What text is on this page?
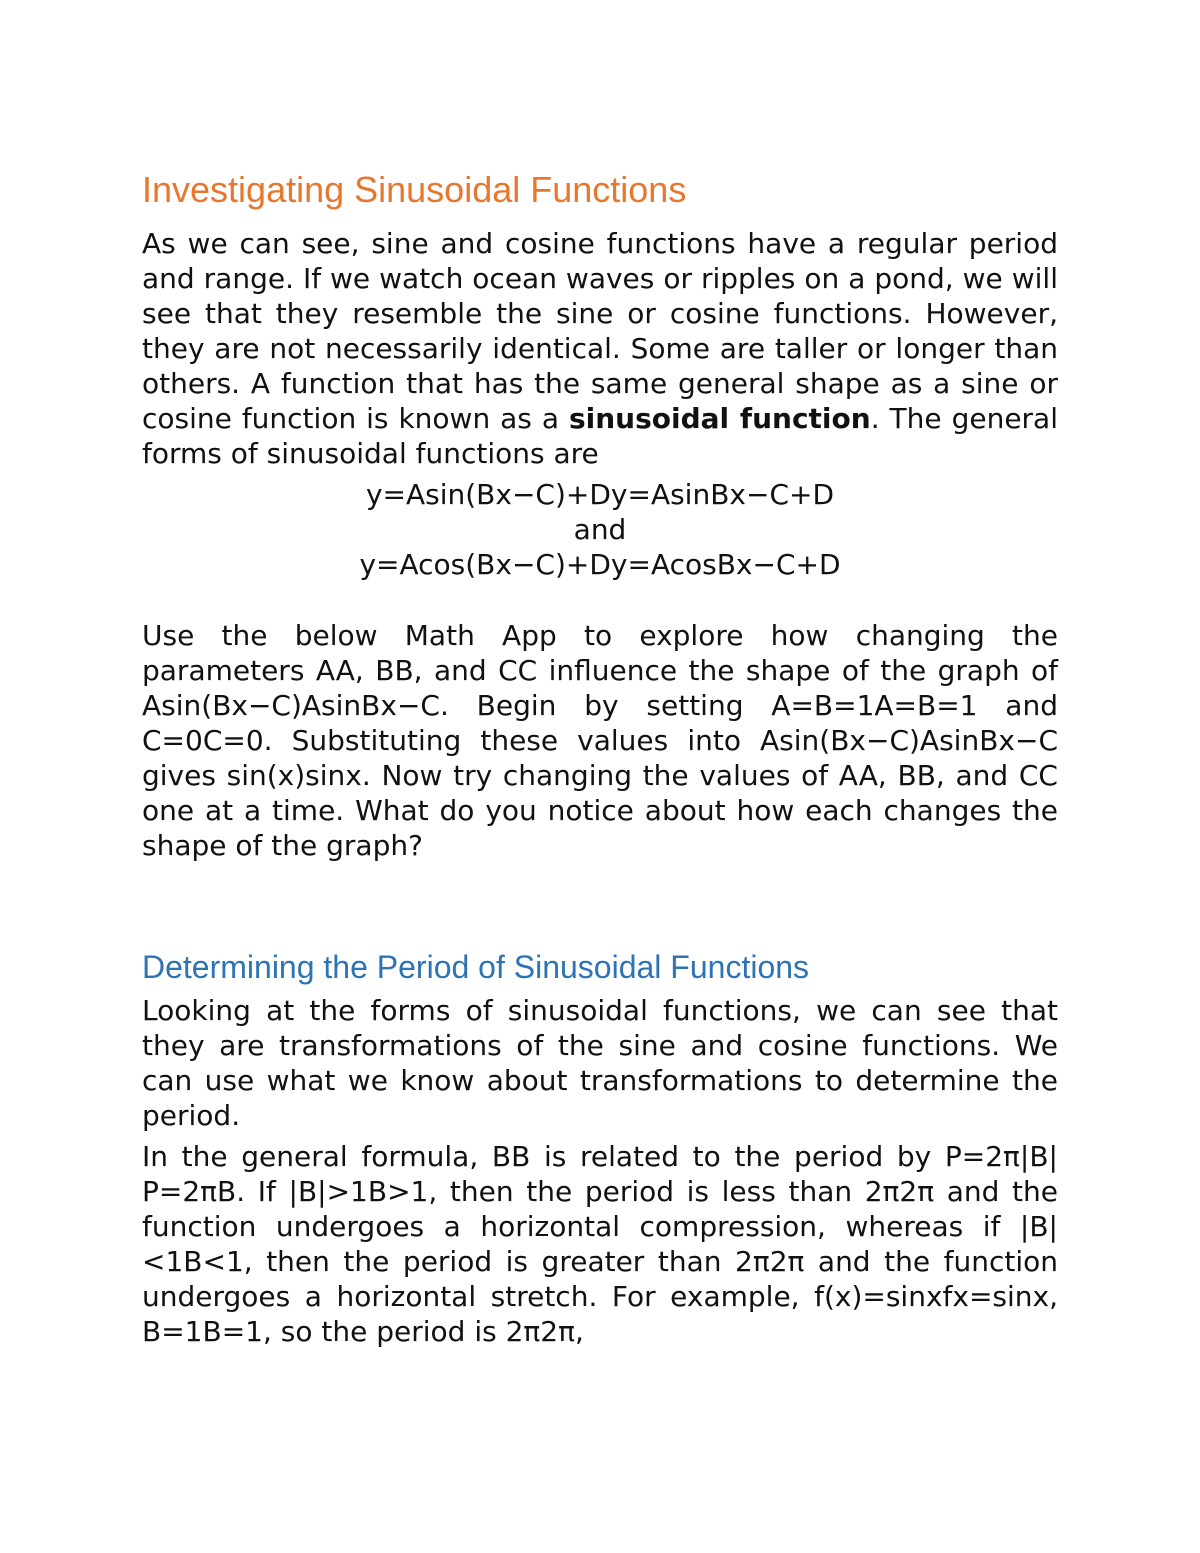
Investigating Sinusoidal Functions

As we can see, sine and cosine functions have a regular period and range. If we watch ocean waves or ripples on a pond, we will see that they resemble the sine or cosine functions. However, they are not necessarily identical. Some are taller or longer than others. A function that has the same general shape as a sine or cosine function is known as a sinusoidal function. The general forms of sinusoidal functions are

y=Asin(Bx−C)+Dy=AsinBx−C+D

and

y=Acos(Bx−C)+Dy=AcosBx−C+D

Use the below Math App to explore how changing the parameters AA, BB, and CC influence the shape of the graph of Asin(Bx−C)AsinBx−C. Begin by setting A=B=1A=B=1 and C=0C=0. Substituting these values into Asin(Bx−C)AsinBx−C gives sin(x)sinx. Now try changing the values of AA, BB, and CC one at a time. What do you notice about how each changes the shape of the graph?

Determining the Period of Sinusoidal Functions

Looking at the forms of sinusoidal functions, we can see that they are transformations of the sine and cosine functions. We can use what we know about transformations to determine the period.

In the general formula, BB is related to the period by P=2π|B| P=2πB. If |B|>1B>1, then the period is less than 2π2π and the function undergoes a horizontal compression, whereas if |B|<1B<1, then the period is greater than 2π2π and the function undergoes a horizontal stretch. For example, f(x)=sinxfx=sinx, B=1B=1, so the period is 2π2π,
